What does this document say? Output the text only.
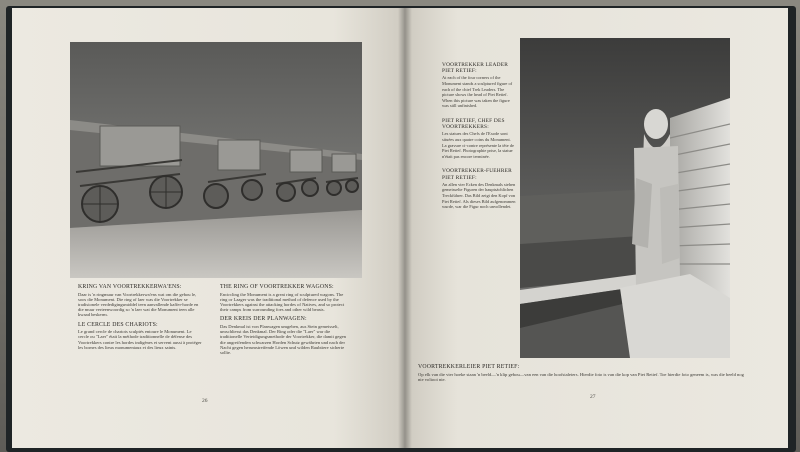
KRING VAN VOORTREKKERWA'ENS:

Daar is 'n ringmuur van Voortrekkerwa'ens wat om die gebou le, soos die Monument. Die ring of laer was die Voortrekker se tradisionele verdedigingsmiddel teen aanvallende kaffer-horde en die muur verteenwoordig so 'n laer wat die Monument teen alle kwaad beskerm.

LE CERCLE DES CHARIOTS:

Le grand cercle de chariots sculptés entoure le Monument. Le cercle ou "Laer" était la méthode traditionnelle de défense des Voortrekkers contre les hordes indigènes et servent aussi à protéger les bornes des lieux monumentaux et des lieux saints.

THE RING OF VOORTREKKER WAGONS:

Encircling the Monument is a great ring of sculptured wagons. The ring or Laager was the traditional method of defence used by the Voortrekkers against the attacking hordes of Natives, and so protect their camps from surrounding foes and other wild beasts.

DER KREIS DER PLANWAGEN:

Das Denkmal ist von Planwagen umgeben, aus Stein gemeisselt, umschliesst das Denkmal. Der Ring oder die "Laer" war die traditionelle Verteidigungsmethode der Voortrekker, die damit gegen die angreifenden schwarzen Horden Schutz gewährten und nach der Nacht gegen herumstreifende Löwen und wilden Raubtiere sicherte sollte.

26
VOORTREKKER LEADER PIET RETIEF:

At each of the four corners of the Monument stands a sculptured figure of each of the chief Trek Leaders. The picture shows the head of Piet Retief. When this picture was taken the figure was still unfinished.

PIET RETIEF, CHEF DES VOORTREKKERS:

Les statues des Chefs de l'Exode sont situées aux quatre coins du Monument. La gravure ci-contre représente la tête de Piet Retief. Photographie prise, la statue n'était pas encore terminée.

VOORTREKKER-FUEHRER PIET RETIEF:

An allen vier Ecken des Denkmals stehen gemeisselte Figuren der hauptsächlichen Treckführer. Das Bild zeigt den Kopf von Piet Retief. Als dieses Bild aufgenommen wurde, war die Figur noch unvollendet.

VOORTREKKERLEIER PIET RETIEF:

Op elk van die vier hoeke staan 'n beeld—'n klip gebou—van een van die hoofstaleiers. Hierdie foto is van die kop van Piet Retief. Toe hierdie foto geneem is, was die beeld nog nie voltooi nie.

27
